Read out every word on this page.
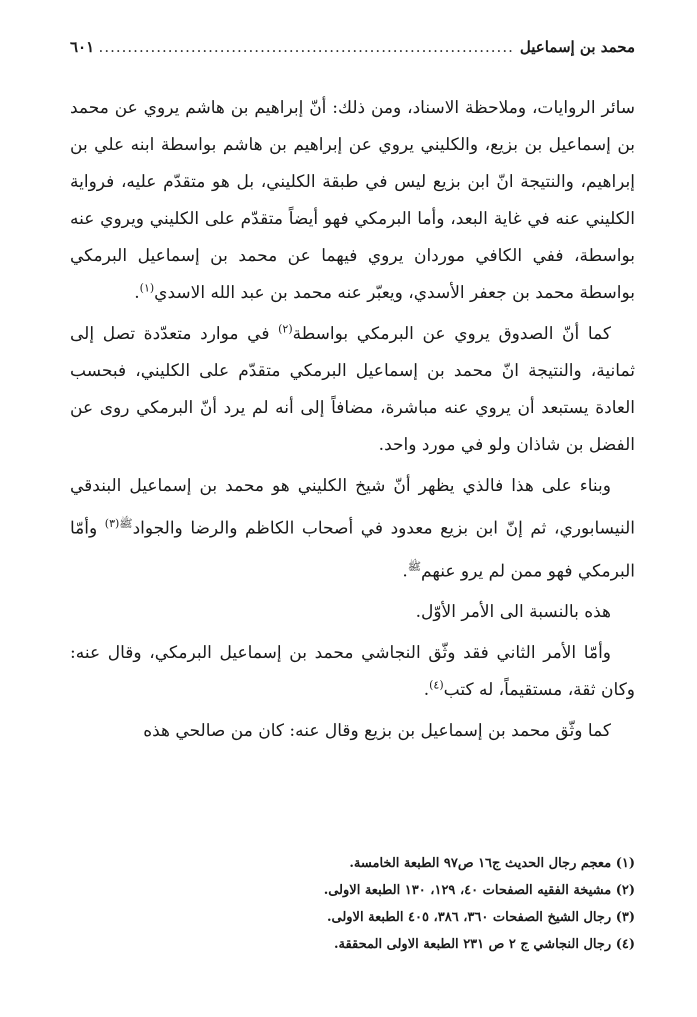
محمد بن إسماعيل
.....
٦٠١

سائر الروايات، وملاحظة الاسناد، ومن ذلك: أنّ إبراهيم بن هاشم يروي عن محمد بن إسماعيل بن بزيع، والكليني يروي عن إبراهيم بن هاشم بواسطة ابنه علي بن إبراهيم، والنتيجة انّ ابن بزيع ليس في طبقة الكليني، بل هو متقدّم عليه، فرواية الكليني عنه في غاية البعد، وأما البرمكي فهو أيضاً متقدّم على الكليني ويروي عنه بواسطة، ففي الكافي موردان يروي فيهما عن محمد بن إسماعيل البرمكي بواسطة محمد بن جعفر الأسدي، ويعبّر عنه محمد بن عبد الله الاسدي$^{(١)}$.

كما أنّ الصدوق يروي عن البرمكي بواسطة$^{(٢)}$ في موارد متعدّدة تصل إلى ثمانية، والنتيجة انّ محمد بن إسماعيل البرمكي متقدّم على الكليني، فبحسب العادة يستبعد أن يروي عنه مباشرة، مضافاً إلى أنه لم يرد أنّ البرمكي روى عن الفضل بن شاذان ولو في مورد واحد.

وبناء على هذا فالذي يظهر أنّ شيخ الكليني هو محمد بن إسماعيل البندقي النيسابوري، ثم إنّ ابن بزيع معدود في أصحاب الكاظم والرضا والجواد$^{ﷺ(٣)}$ وأمّا البرمكي فهو ممن لم يرو عنهم$^ﷺ$.

هذه بالنسبة الى الأمر الأوّل.

وأمّا الأمر الثاني فقد وثّق النجاشي محمد بن إسماعيل البرمكي، وقال عنه: وكان ثقة، مستقيماً، له كتب$^{(٤)}$.

كما وثّق محمد بن إسماعيل بن بزيع وقال عنه: كان من صالحي هذه

(١) معجم رجال الحديث ج١٦ ص٩٧ الطبعة الخامسة.
(٢) مشيخة الفقيه الصفحات ٤٠، ١٢٩، ١٣٠ الطبعة الاولى.
(٣) رجال الشيخ الصفحات ٣٦٠، ٣٨٦، ٤٠٥ الطبعة الاولى.
(٤) رجال النجاشي ج ٢ ص ٢٣١ الطبعة الاولى المحققة.
